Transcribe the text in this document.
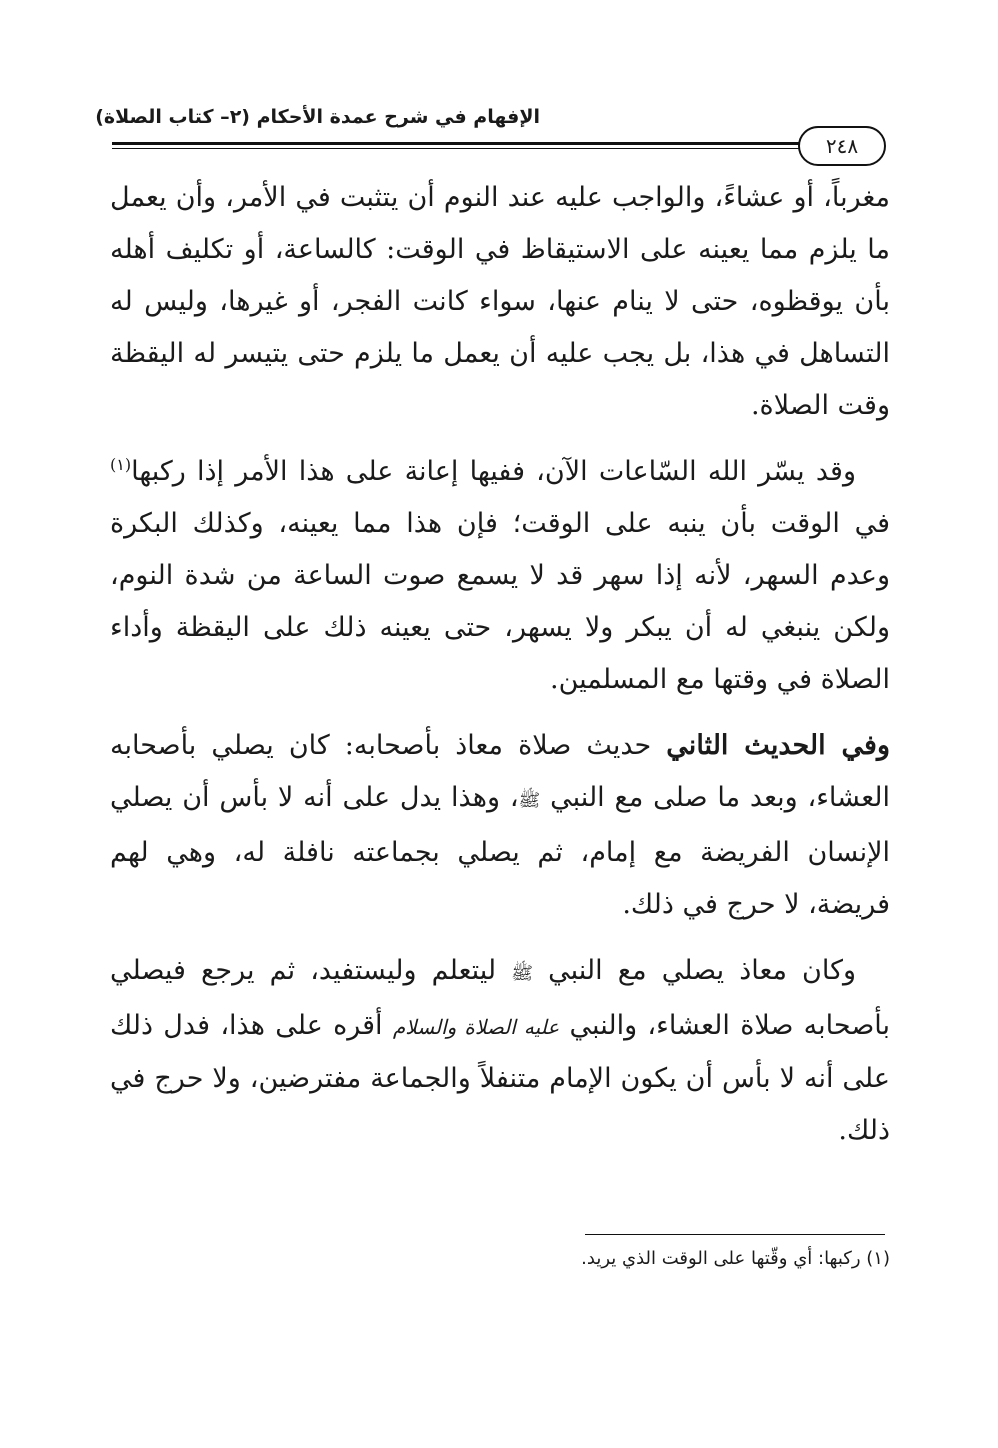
الإفهام في شرح عمدة الأحكام (٢– كتاب الصلاة)
٢٤٨

مغرباً، أو عشاءً، والواجب عليه عند النوم أن يتثبت في الأمر، وأن يعمل ما يلزم مما يعينه على الاستيقاظ في الوقت: كالساعة، أو تكليف أهله بأن يوقظوه، حتى لا ينام عنها، سواء كانت الفجر، أو غيرها، وليس له التساهل في هذا، بل يجب عليه أن يعمل ما يلزم حتى يتيسر له اليقظة وقت الصلاة.

وقد يسّر الله السّاعات الآن، ففيها إعانة على هذا الأمر إذا ركبها$^{(١)}$ في الوقت بأن ينبه على الوقت؛ فإن هذا مما يعينه، وكذلك البكرة وعدم السهر، لأنه إذا سهر قد لا يسمع صوت الساعة من شدة النوم، ولكن ينبغي له أن يبكر ولا يسهر، حتى يعينه ذلك على اليقظة وأداء الصلاة في وقتها مع المسلمين.

وفي الحديث الثاني حديث صلاة معاذ بأصحابه: كان يصلي بأصحابه العشاء، وبعد ما صلى مع النبي ﷺ، وهذا يدل على أنه لا بأس أن يصلي الإنسان الفريضة مع إمام، ثم يصلي بجماعته نافلة له، وهي لهم فريضة، لا حرج في ذلك.

وكان معاذ يصلي مع النبي ﷺ ليتعلم وليستفيد، ثم يرجع فيصلي بأصحابه صلاة العشاء، والنبي عليه الصلاة والسلام أقره على هذا، فدل ذلك على أنه لا بأس أن يكون الإمام متنفلاً والجماعة مفترضين، ولا حرج في ذلك.

(١) ركبها: أي وقّتها على الوقت الذي يريد.
